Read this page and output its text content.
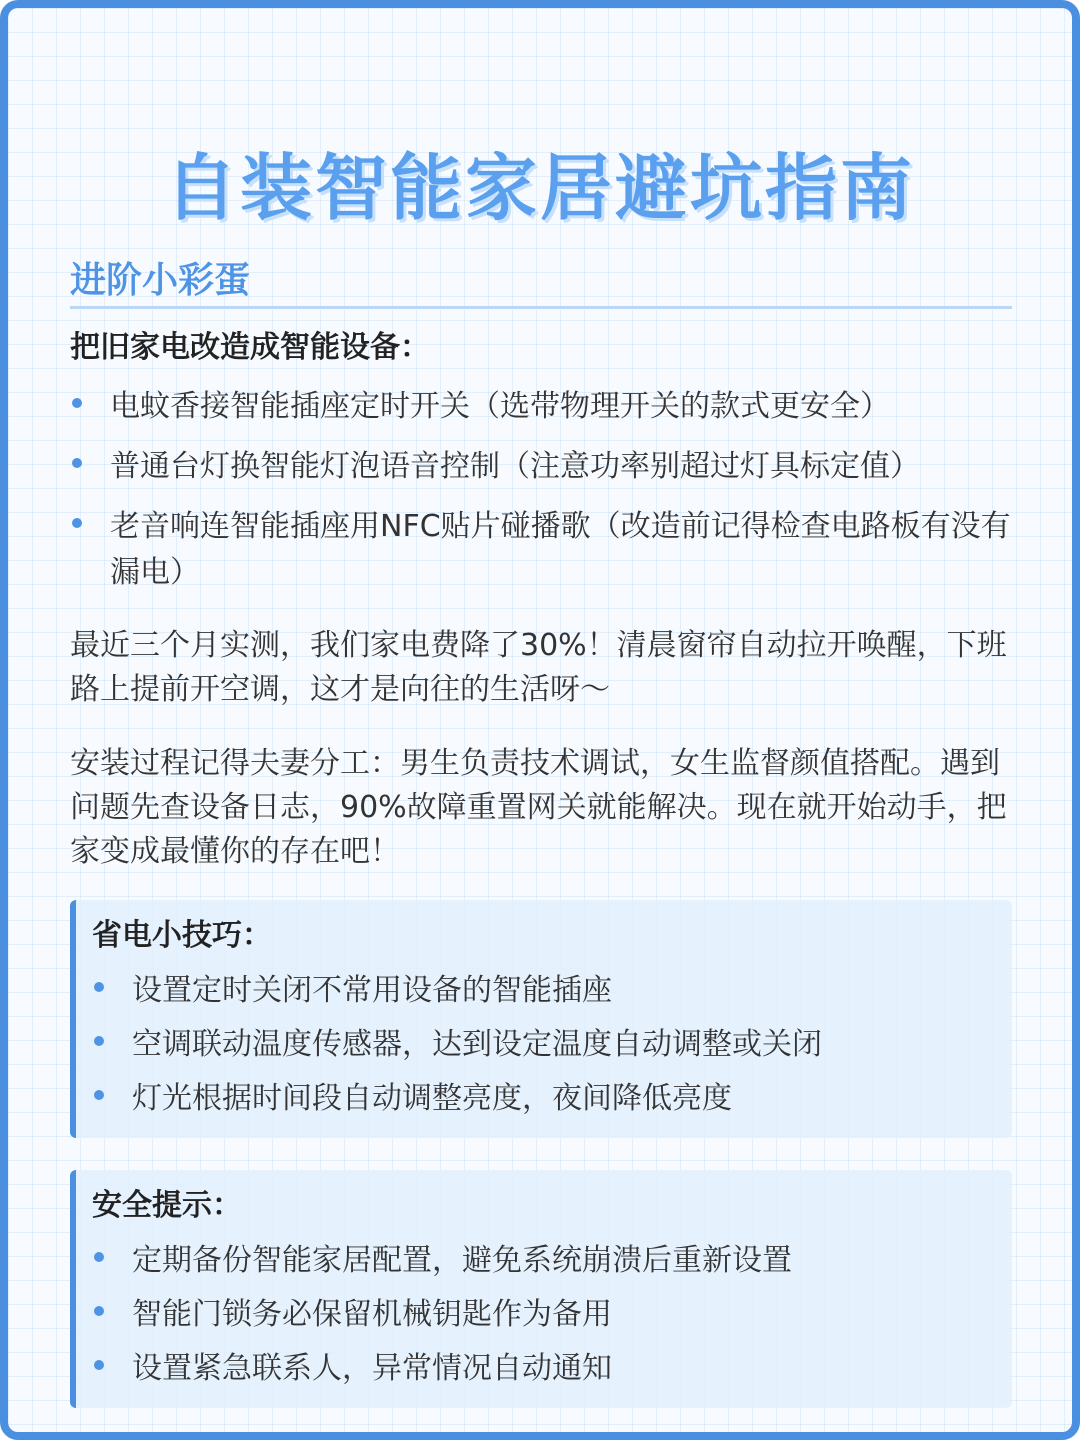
自装智能家居避坑指南
进阶小彩蛋
把旧家电改造成智能设备：
电蚊香接智能插座定时开关（选带物理开关的款式更安全）
普通台灯换智能灯泡语音控制（注意功率别超过灯具标定值）
老音响连智能插座用NFC贴片碰播歌（改造前记得检查电路板有没有漏电）

最近三个月实测，我们家电费降了30%！清晨窗帘自动拉开唤醒，下班路上提前开空调，这才是向往的生活呀～

安装过程记得夫妻分工：男生负责技术调试，女生监督颜值搭配。遇到问题先查设备日志，90%故障重置网关就能解决。现在就开始动手，把家变成最懂你的存在吧！

省电小技巧：
设置定时关闭不常用设备的智能插座
空调联动温度传感器，达到设定温度自动调整或关闭
灯光根据时间段自动调整亮度，夜间降低亮度
安全提示：
定期备份智能家居配置，避免系统崩溃后重新设置
智能门锁务必保留机械钥匙作为备用
设置紧急联系人，异常情况自动通知
